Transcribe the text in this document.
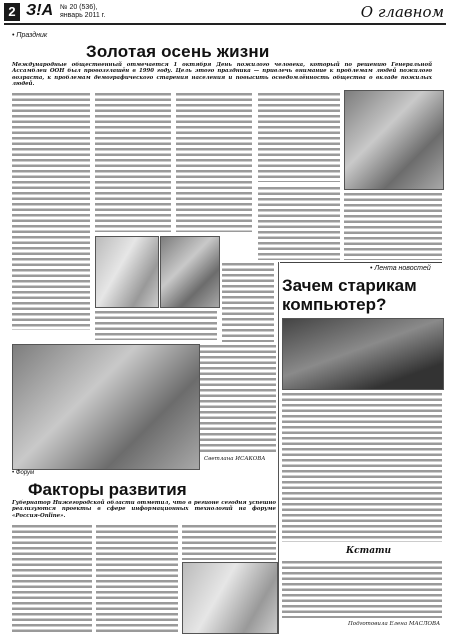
2 З!А № 20 (536),
январь 2011 г.	О главном
• Праздник
Золотая осень жизни
Международные общественный отмечается 1 октября День пожилого человека, который по решению Генеральной Ассамблеи ООН был провозглашён в 1990 году. Цель этого праздника — привлечь внимание к проблемам людей пожилого возраста, к проблемам демографического старения населения и повысить осведомлённость общества о вкладе пожилых людей.
• Лента новостей
Зачем старикам компьютер?
Кстати
Подготовила Елена МАСЛОВА
• Форум
Факторы развития
Губернатор Нижегородской области отметил, что в регионе сегодня успешно реализуются проекты в сфере информационных технологий на форуме «Россия-Online».
Светлана ИСАКОВА
